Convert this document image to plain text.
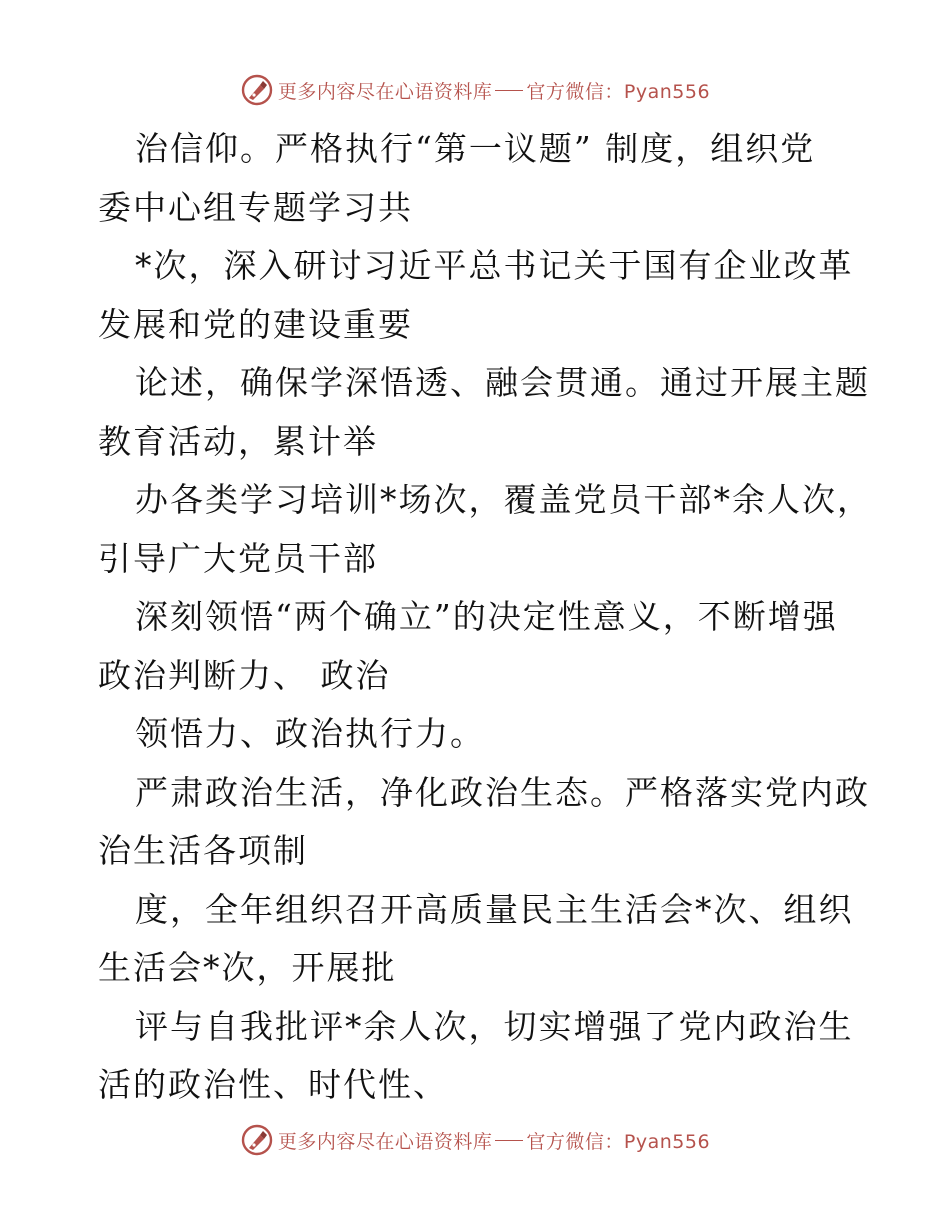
更多内容尽在心语资料库 官方微信：Pyan556
治信仰。严格执行“第一议题” 制度，组织党
委中心组专题学习共
*次，深入研讨习近平总书记关于国有企业改革
发展和党的建设重要
论述，确保学深悟透、融会贯通。通过开展主题
教育活动，累计举
办各类学习培训*场次，覆盖党员干部*余人次，
引导广大党员干部
深刻领悟“两个确立”的决定性意义，不断增强
政治判断力、 政治
领悟力、政治执行力。
严肃政治生活，净化政治生态。严格落实党内政
治生活各项制
度，全年组织召开高质量民主生活会*次、组织
生活会*次，开展批
评与自我批评*余人次，切实增强了党内政治生
活的政治性、时代性、
更多内容尽在心语资料库 官方微信：Pyan556
